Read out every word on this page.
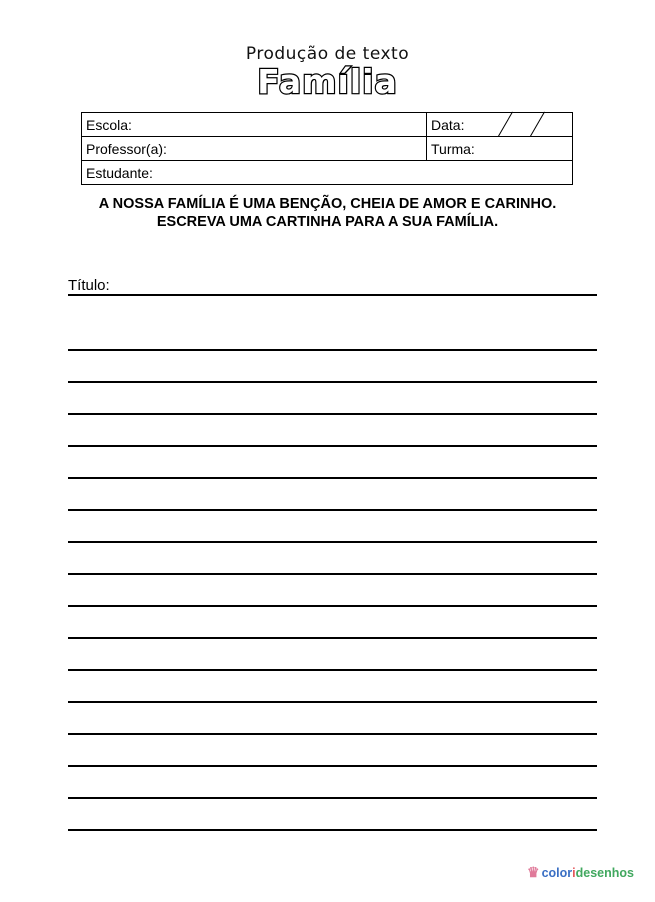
Produção de texto
Família
Escola:	Data:

Professor(a):	Turma:
Estudante:	
A NOSSA FAMÍLIA É UMA BENÇÃO, CHEIA DE AMOR E CARINHO.
ESCREVA UMA CARTINHA PARA A SUA FAMÍLIA.
Título:
♛ color i desenhos
